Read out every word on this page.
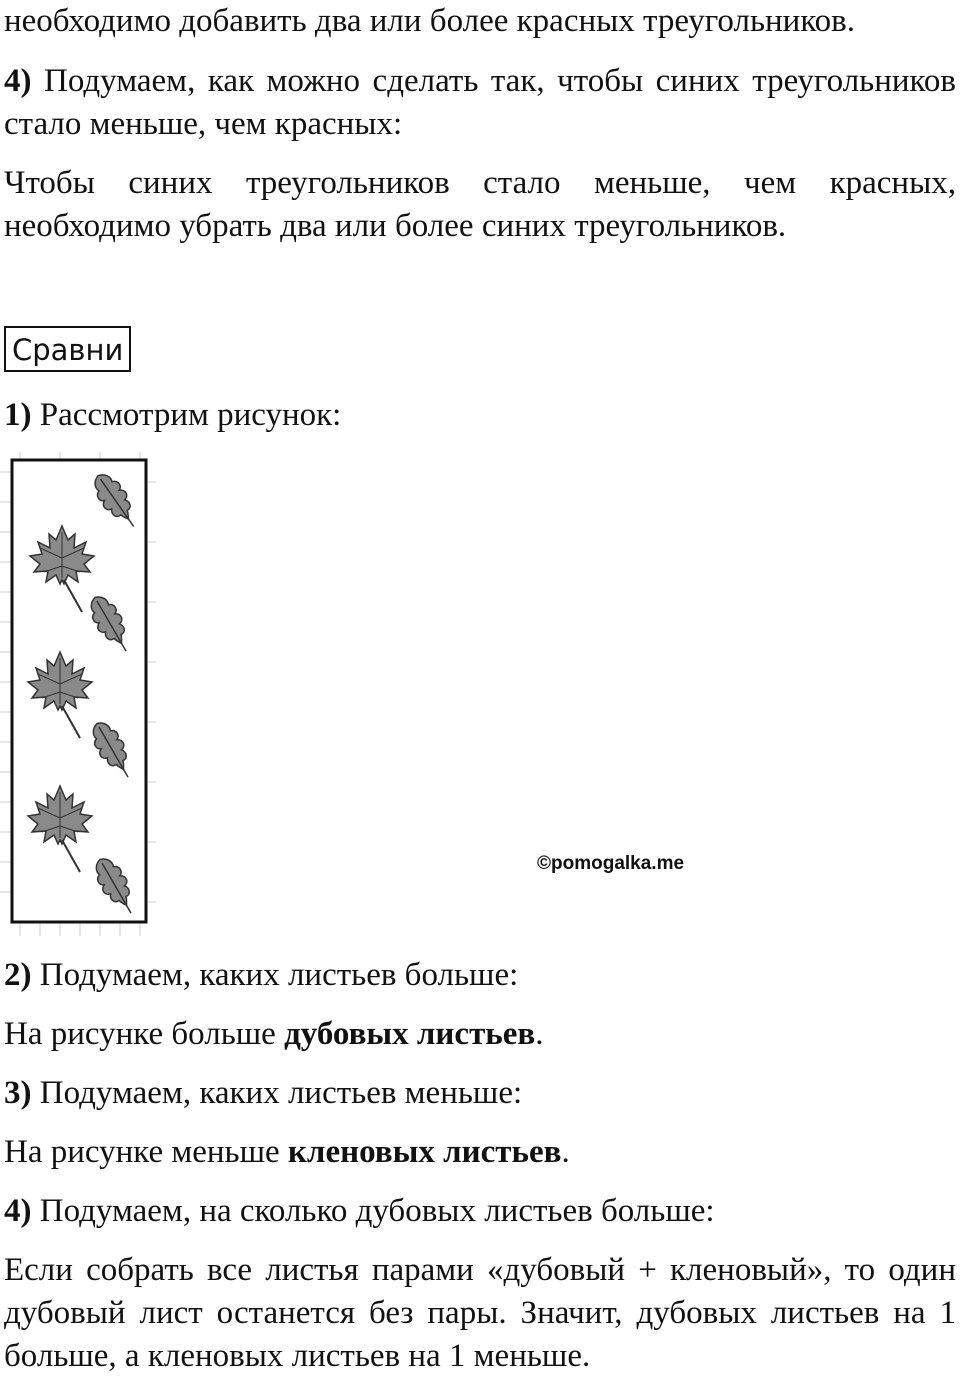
необходимо добавить два или более красных треугольников.

4) Подумаем, как можно сделать так, чтобы синих треугольников стало меньше, чем красных:

Чтобы синих треугольников стало меньше, чем красных, необходимо убрать два или более синих треугольников.

Сравни

1) Рассмотрим рисунок:

©pomogalka.me

2) Подумаем, каких листьев больше:

На рисунке больше дубовых листьев.

3) Подумаем, каких листьев меньше:

На рисунке меньше кленовых листьев.

4) Подумаем, на сколько дубовых листьев больше:

Если собрать все листья парами «дубовый + кленовый», то один дубовый лист останется без пары. Значит, дубовых листьев на 1 больше, а кленовых листьев на 1 меньше.
